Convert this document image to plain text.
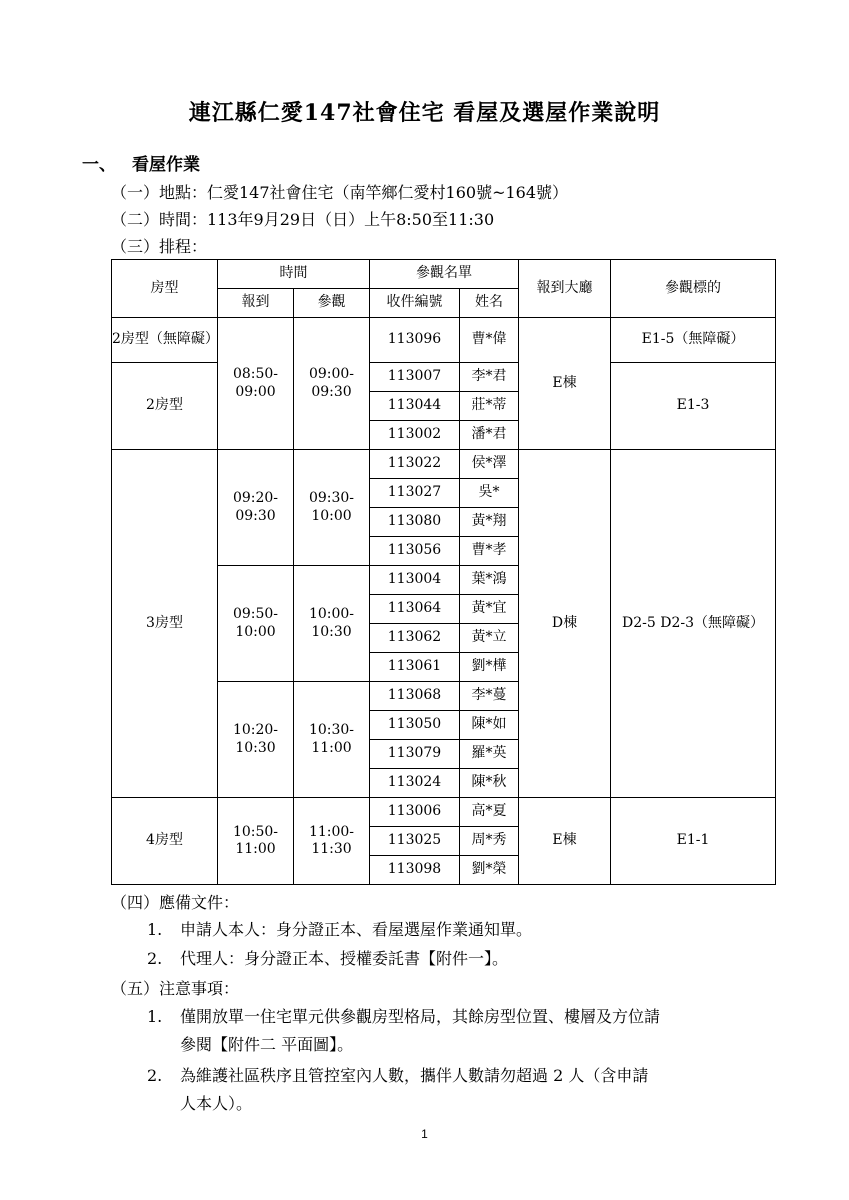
連江縣仁愛147社會住宅 看屋及選屋作業說明
一、 看屋作業
（一）地點：仁愛147社會住宅（南竿鄉仁愛村160號~164號）
（二）時間：113年9月29日（日）上午8:50至11:30
（三）排程：
房型	時間		參觀名單		報到大廳	參觀標的
	報到	參觀	收件編號	姓名		
2房型（無障礙）	08:50-09:00	09:00-09:30	113096	曹*偉	E棟	E1-5（無障礙）
2房型			113007	李*君		E1-3
			113044	莊*蒂		
			113002	潘*君		
3房型	09:20-09:30	09:30-10:00	113022	侯*澤	D棟	D2-5 D2-3（無障礙）
			113027	吳*		
			113080	黃*翔		
			113056	曹*孝		
	09:50-10:00	10:00-10:30	113004	葉*鴻		
			113064	黃*宜		
			113062	黃*立		
			113061	劉*樺		
	10:20-10:30	10:30-11:00	113068	李*蔓		
			113050	陳*如		
			113079	羅*英		
			113024	陳*秋		
4房型	10:50-11:00	11:00-11:30	113006	高*夏	E棟	E1-1
			113025	周*秀		
			113098	劉*榮		
（四）應備文件：
1. 申請人本人：身分證正本、看屋選屋作業通知單。
2. 代理人：身分證正本、授權委託書【附件一】。
（五）注意事項：
1. 僅開放單一住宅單元供參觀房型格局，其餘房型位置、樓層及方位請
參閱【附件二 平面圖】。
2. 為維護社區秩序且管控室內人數，攜伴人數請勿超過 2 人（含申請
人本人）。
1
